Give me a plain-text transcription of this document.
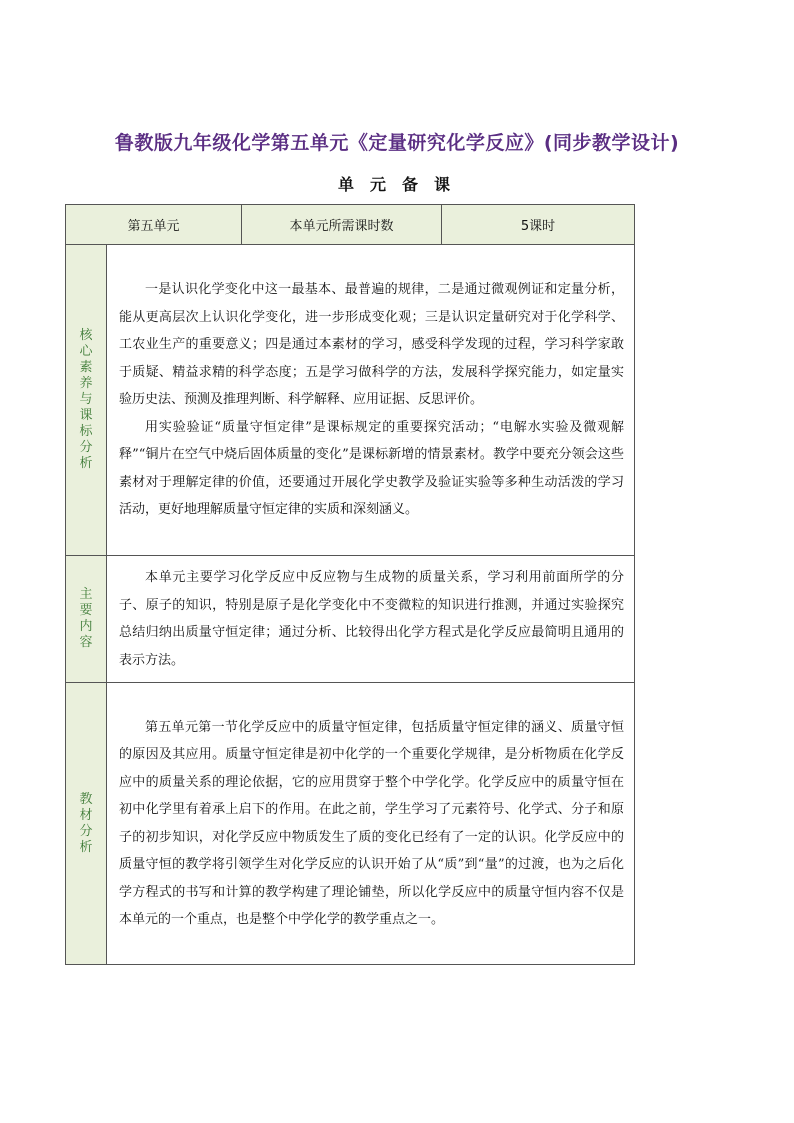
鲁教版九年级化学第五单元《定量研究化学反应》(同步教学设计)
单元备课
第五单元		本单元所需课时数	5课时
核心素养与课标分析	一是认识化学变化中这一最基本、最普遍的规律，二是通过微观例证和定量分析，能从更高层次上认识化学变化，进一步形成变化观；三是认识定量研究对于化学科学、工农业生产的重要意义；四是通过本素材的学习，感受科学发现的过程，学习科学家敢于质疑、精益求精的科学态度；五是学习做科学的方法，发展科学探究能力，如定量实验历史法、预测及推理判断、科学解释、应用证据、反思评价。

用实验验证“质量守恒定律”是课标规定的重要探究活动；“电解水实验及微观解释”“铜片在空气中烧后固体质量的变化”是课标新增的情景素材。教学中要充分领会这些素材对于理解定律的价值，还要通过开展化学史教学及验证实验等多种生动活泼的学习活动，更好地理解质量守恒定律的实质和深刻涵义。		

主要内容	本单元主要学习化学反应中反应物与生成物的质量关系，学习利用前面所学的分子、原子的知识，特别是原子是化学变化中不变微粒的知识进行推测，并通过实验探究总结归纳出质量守恒定律；通过分析、比较得出化学方程式是化学反应最简明且通用的表示方法。		

教材分析	第五单元第一节化学反应中的质量守恒定律，包括质量守恒定律的涵义、质量守恒的原因及其应用。质量守恒定律是初中化学的一个重要化学规律，是分析物质在化学反应中的质量关系的理论依据，它的应用贯穿于整个中学化学。化学反应中的质量守恒在初中化学里有着承上启下的作用。在此之前，学生学习了元素符号、化学式、分子和原子的初步知识，对化学反应中物质发生了质的变化已经有了一定的认识。化学反应中的质量守恒的教学将引领学生对化学反应的认识开始了从“质”到“量”的过渡，也为之后化学方程式的书写和计算的教学构建了理论铺垫，所以化学反应中的质量守恒内容不仅是本单元的一个重点，也是整个中学化学的教学重点之一。		
